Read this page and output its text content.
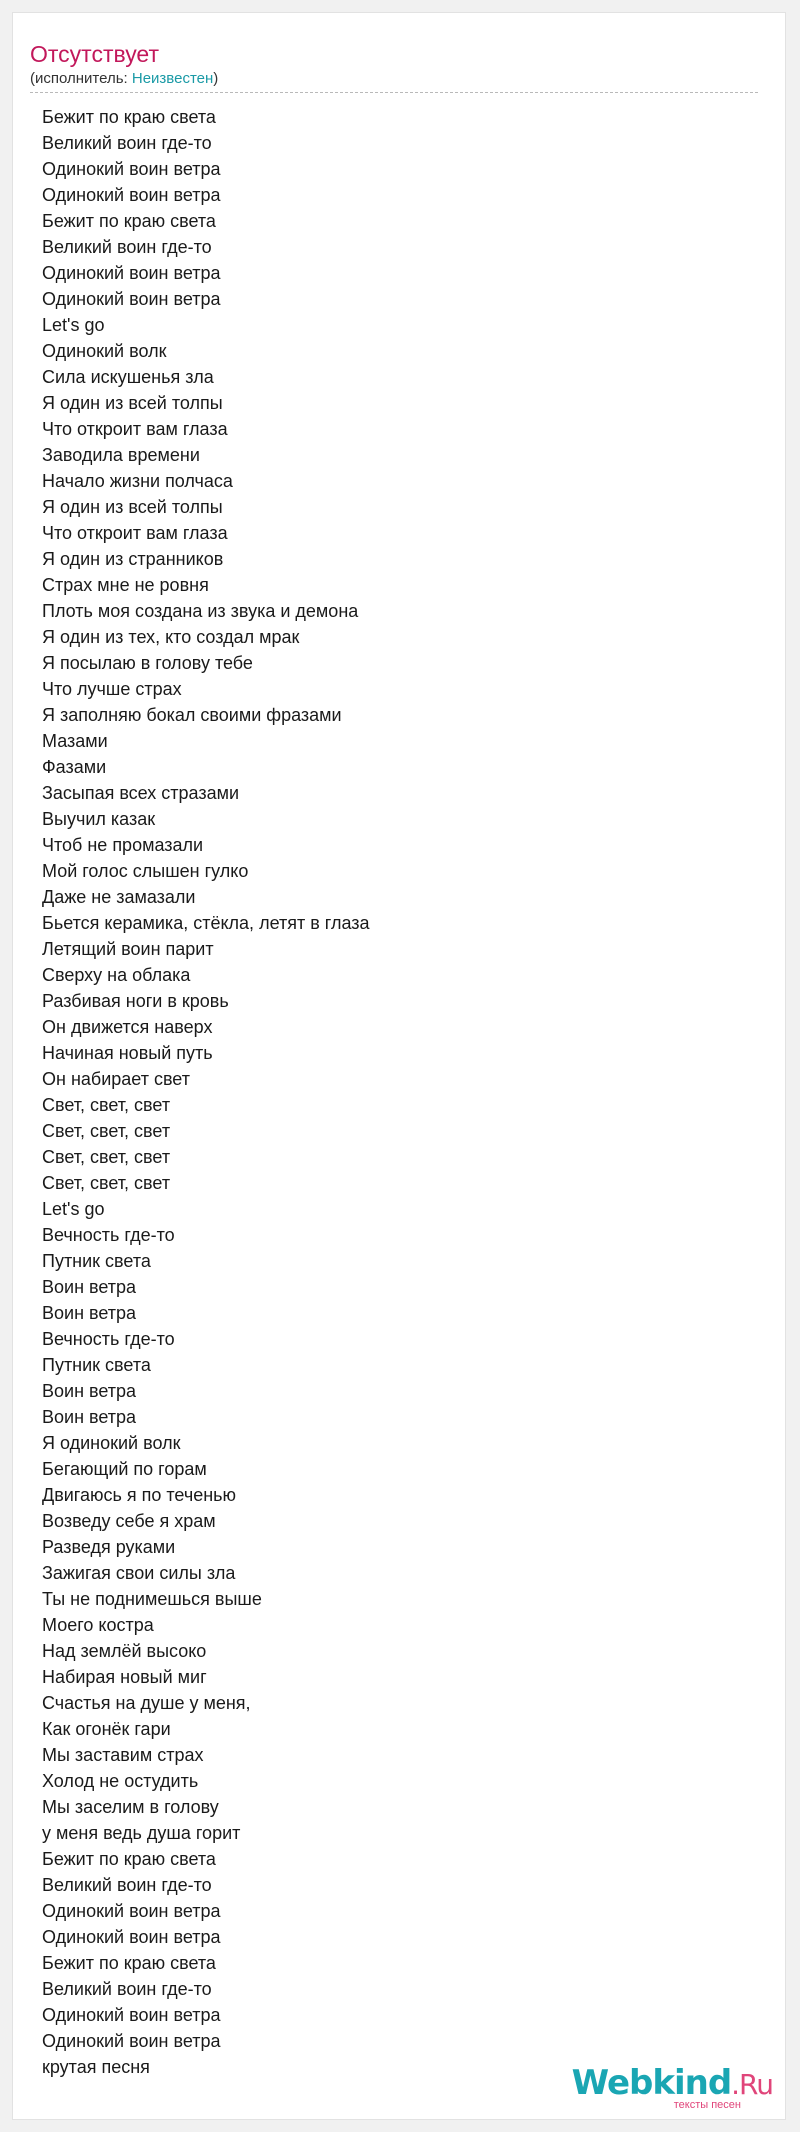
Отсутствует
(исполнитель: Неизвестен)
Бежит по краю света
Великий воин где-то
Одинокий воин ветра
Одинокий воин ветра
Бежит по краю света
Великий воин где-то
Одинокий воин ветра
Одинокий воин ветра
Let's go
Одинокий волк
Сила искушенья зла
Я один из всей толпы
Что откроит вам глаза
Заводила времени
Начало жизни полчаса
Я один из всей толпы
Что откроит вам глаза
Я один из странников
Страх мне не ровня
Плоть моя создана из звука и демона
Я один из тех, кто создал мрак
Я посылаю в голову тебе
Что лучше страх
Я заполняю бокал своими фразами
Мазами
Фазами
Засыпая всех стразами
Выучил казак
Чтоб не промазали
Мой голос слышен гулко
Даже не замазали
Бьется керамика, стёкла, летят в глаза
Летящий воин парит
Сверху на облака
Разбивая ноги в кровь
Он движется наверх
Начиная новый путь
Он набирает свет
Свет, свет, свет
Свет, свет, свет
Свет, свет, свет
Свет, свет, свет
Let's go
Вечность где-то
Путник света
Воин ветра
Воин ветра
Вечность где-то
Путник света
Воин ветра
Воин ветра
Я одинокий волк
Бегающий по горам
Двигаюсь я по теченью
Возведу себе я храм
Разведя руками
Зажигая свои силы зла
Ты не поднимешься выше
Моего костра
Над землёй высоко
Набирая новый миг
Счастья на душе у меня,
Как огонёк гари
Мы заставим страх
Холод не остудить
Мы заселим в голову
у меня ведь душа горит
Бежит по краю света
Великий воин где-то
Одинокий воин ветра
Одинокий воин ветра
Бежит по краю света
Великий воин где-то
Одинокий воин ветра
Одинокий воин ветра
крутая песня	Webkind.Ru
тексты песен
